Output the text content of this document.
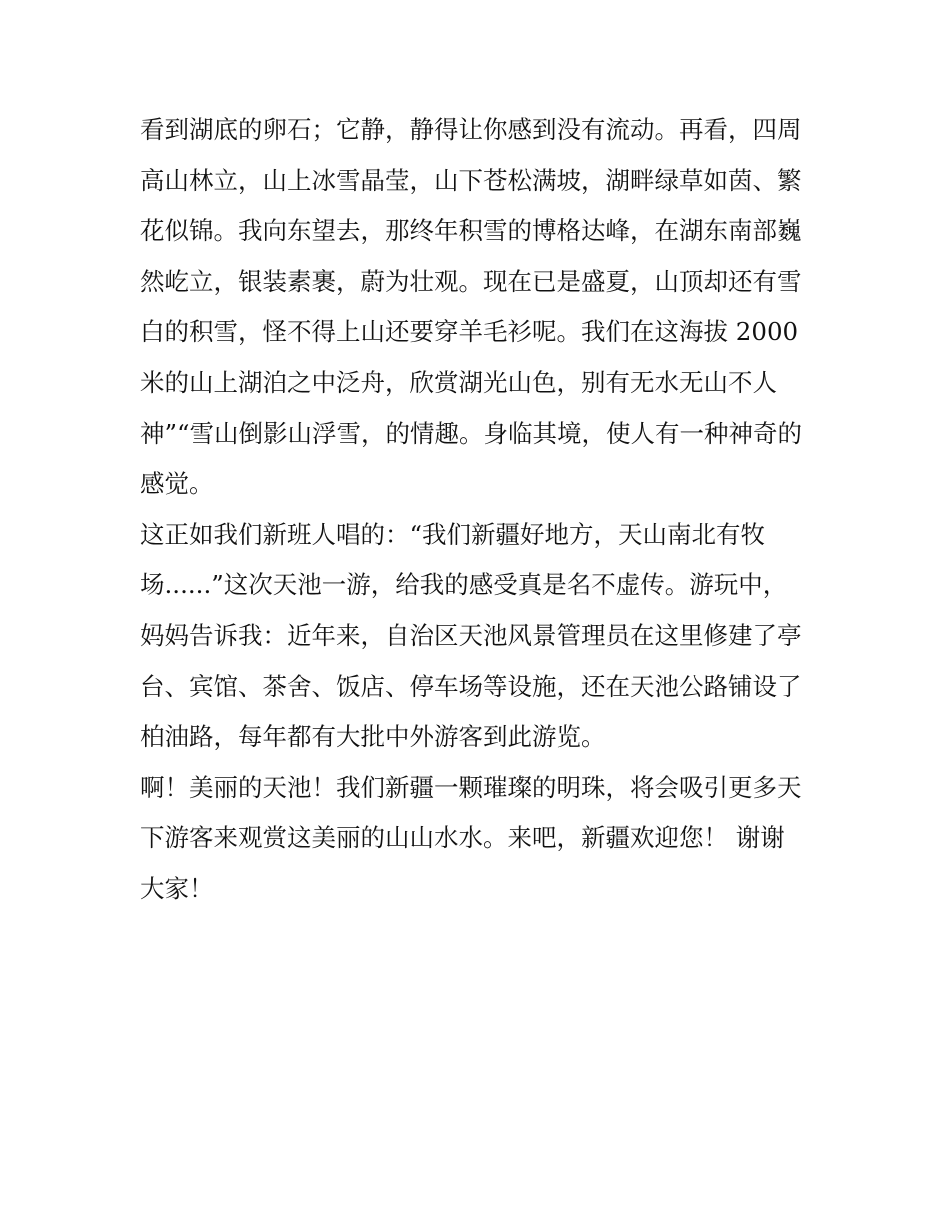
看到湖底的卵石；它静，静得让你感到没有流动。再看，四周
高山林立，山上冰雪晶莹，山下苍松满坡，湖畔绿草如茵、繁
花似锦。我向东望去，那终年积雪的博格达峰，在湖东南部巍
然屹立，银装素裹，蔚为壮观。现在已是盛夏，山顶却还有雪
白的积雪，怪不得上山还要穿羊毛衫呢。我们在这海拔 2000
米的山上湖泊之中泛舟，欣赏湖光山色，别有无水无山不人
神”“雪山倒影山浮雪，的情趣。身临其境，使人有一种神奇的
感觉。
这正如我们新班人唱的：“我们新疆好地方，天山南北有牧
场......”这次天池一游，给我的感受真是名不虚传。游玩中，
妈妈告诉我：近年来，自治区天池风景管理员在这里修建了亭
台、宾馆、茶舍、饭店、停车场等设施，还在天池公路铺设了
柏油路，每年都有大批中外游客到此游览。
啊！美丽的天池！我们新疆一颗璀璨的明珠，将会吸引更多天
下游客来观赏这美丽的山山水水。来吧，新疆欢迎您！ 谢谢
大家！
